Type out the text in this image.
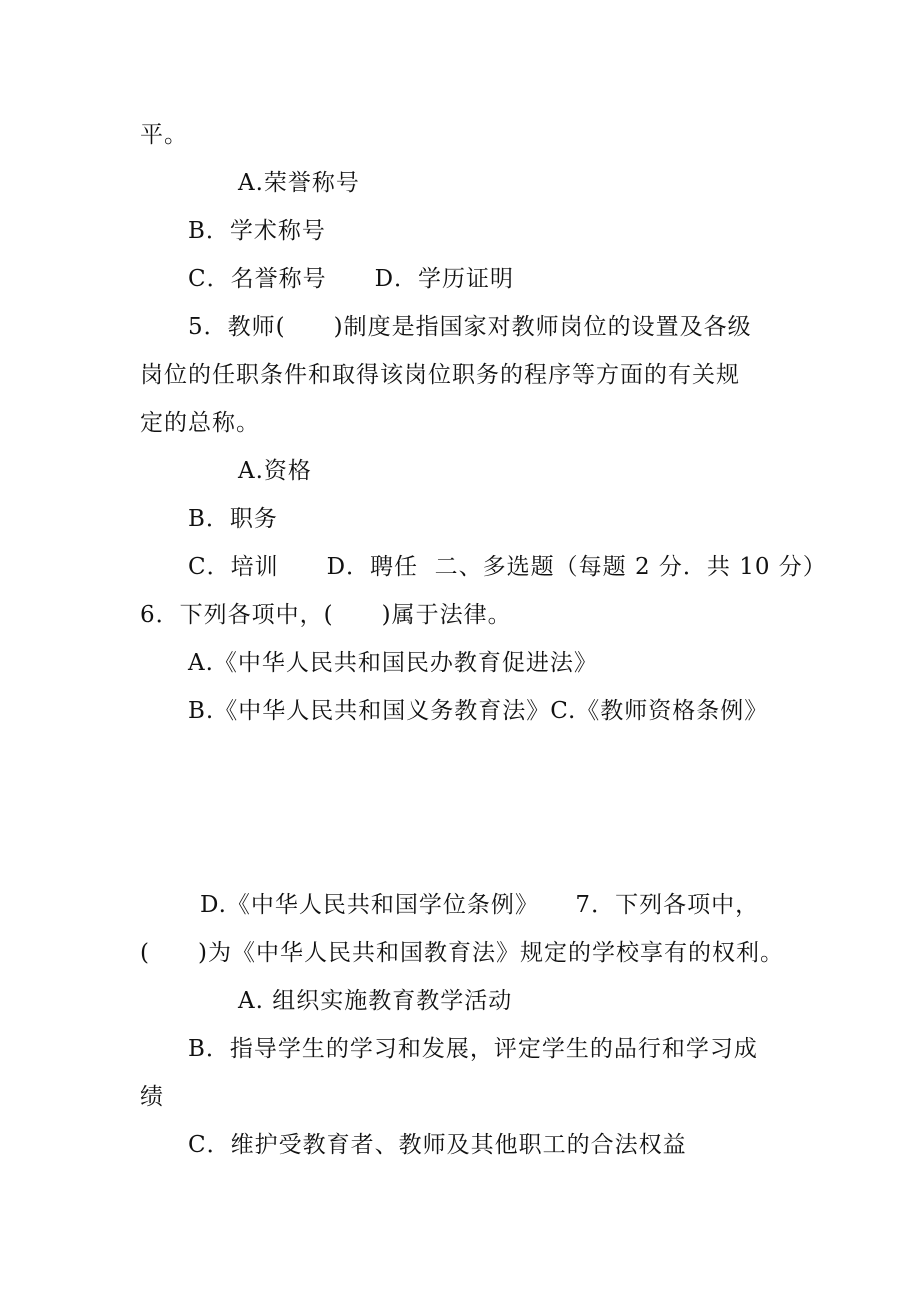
平。
A.荣誉称号
B．学术称号
C．名誉称号　　D．学历证明
5．教师(　　)制度是指国家对教师岗位的设置及各级
岗位的任职条件和取得该岗位职务的程序等方面的有关规
定的总称。
A.资格
B．职务
C．培训　　D．聘任  二、多选题（每题 2 分．共 10 分）
6．下列各项中，(　　)属于法律。
A.《中华人民共和国民办教育促进法》
B.《中华人民共和国义务教育法》C.《教师资格条例》
D.《中华人民共和国学位条例》　　7．下列各项中，
(　　)为《中华人民共和国教育法》规定的学校享有的权利。
A. 组织实施教育教学活动
B．指导学生的学习和发展，评定学生的品行和学习成
绩
C．维护受教育者、教师及其他职工的合法权益
